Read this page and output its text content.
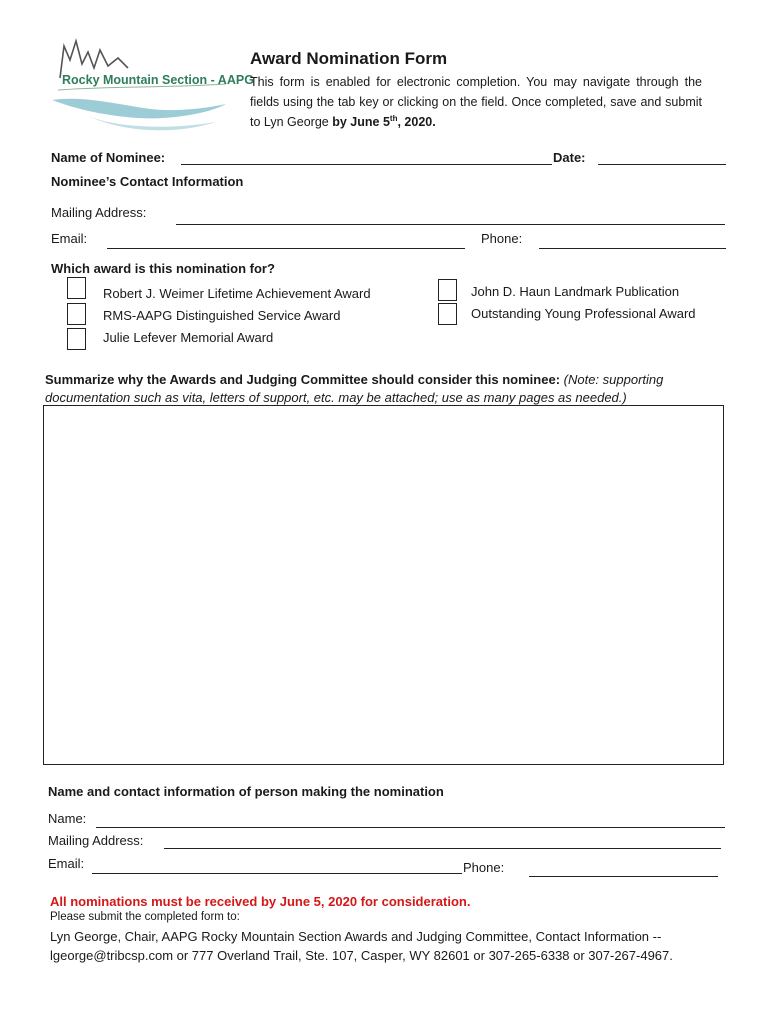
Rocky Mountain Section - AAPG
Award Nomination Form
This form is enabled for electronic completion. You may navigate through the fields using the tab key or clicking on the field. Once completed, save and submit to Lyn George by June 5th, 2020.
Name of Nominee:	Date:
Nominee’s Contact Information
Mailing Address:
Email:	Phone:
Which award is this nomination for?
Robert J. Weimer Lifetime Achievement Award
RMS-AAPG Distinguished Service Award
Julie Lefever Memorial Award
John D. Haun Landmark Publication
Outstanding Young Professional Award
Summarize why the Awards and Judging Committee should consider this nominee: (Note: supporting
documentation such as vita, letters of support, etc. may be attached; use as many pages as needed.)
Name and contact information of person making the nomination
Name:
Mailing Address:
Email:	Phone:
All nominations must be received by June 5, 2020 for consideration.
Please submit the completed form to:
Lyn George, Chair, AAPG Rocky Mountain Section Awards and Judging Committee, Contact Information --
lgeorge@tribcsp.com or 777 Overland Trail, Ste. 107, Casper, WY 82601 or 307-265-6338 or 307-267-4967.
